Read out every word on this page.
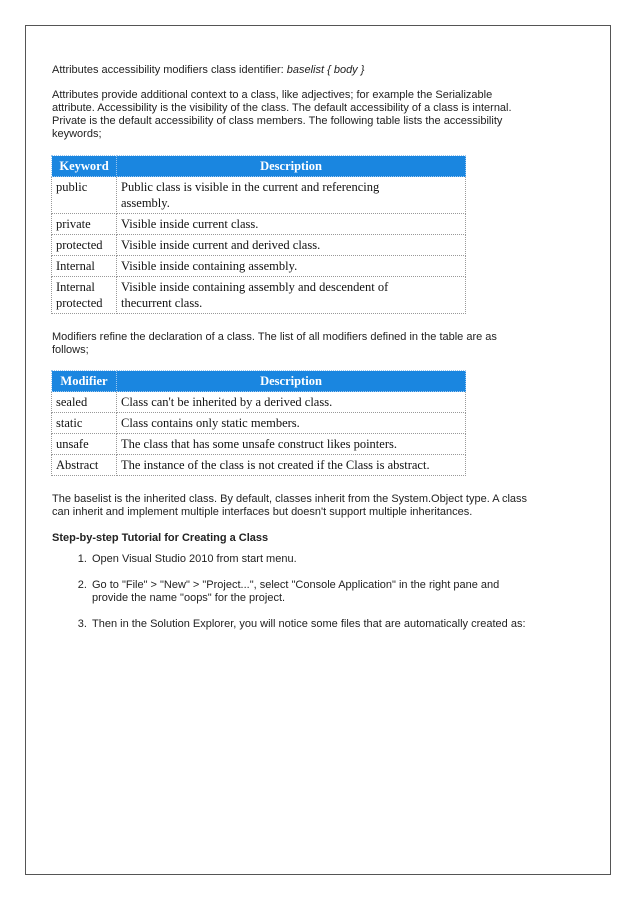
Attributes accessibility modifiers class identifier: baselist { body }

Attributes provide additional context to a class, like adjectives; for example the Serializable attribute. Accessibility is the visibility of the class. The default accessibility of a class is internal. Private is the default accessibility of class members. The following table lists the accessibility keywords;

Keyword	Description
public	Public class is visible in the current and referencing assembly.
private	Visible inside current class.
protected	Visible inside current and derived class.
Internal	Visible inside containing assembly.
Internal protected	Visible inside containing assembly and descendent of thecurrent class.

Modifiers refine the declaration of a class. The list of all modifiers defined in the table are as follows;

Modifier	Description
sealed	Class can't be inherited by a derived class.
static	Class contains only static members.
unsafe	The class that has some unsafe construct likes pointers.
Abstract	The instance of the class is not created if the Class is abstract.

The baselist is the inherited class. By default, classes inherit from the System.Object type. A class can inherit and implement multiple interfaces but doesn't support multiple inheritances.

Step-by-step Tutorial for Creating a Class

1. Open Visual Studio 2010 from start menu.
2. Go to "File" > "New" > "Project...", select "Console Application" in the right pane and provide the name "oops" for the project.
3. Then in the Solution Explorer, you will notice some files that are automatically created as:
